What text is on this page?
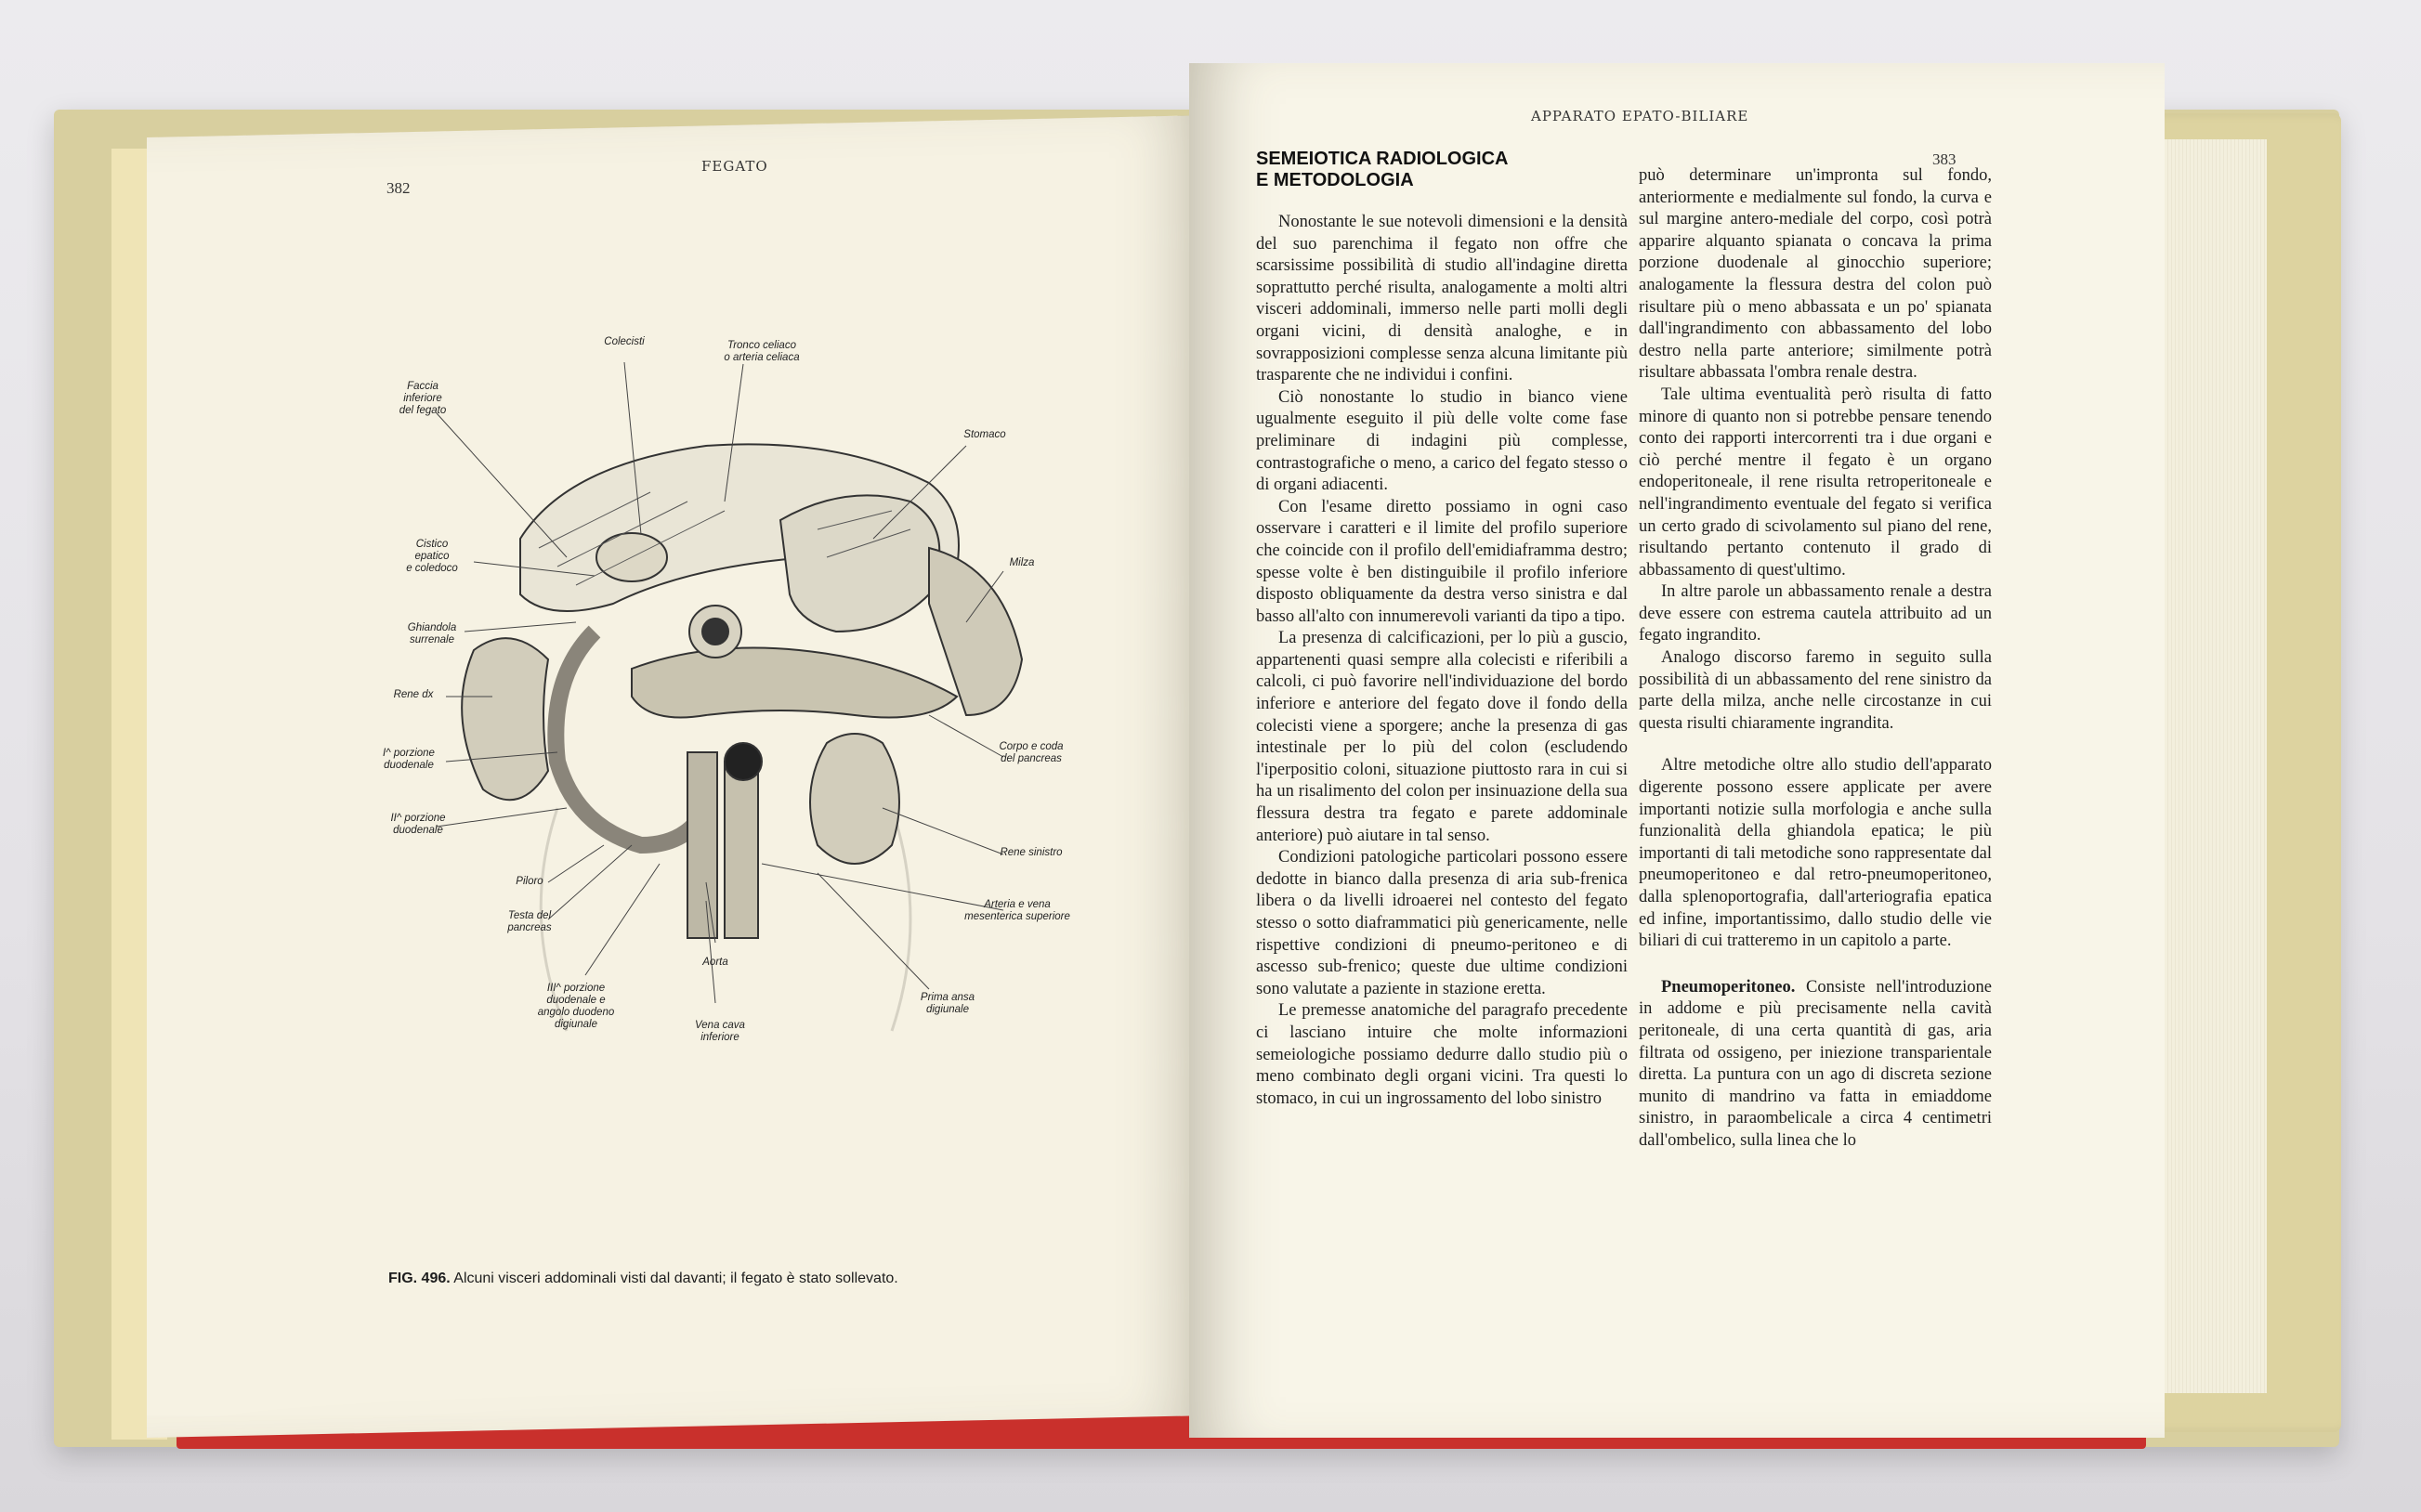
382
FEGATO
Faccia
inferiore
del fegato
Colecisti	Tronco celiaco
o arteria celiaca
Stomaco
Cistico
epatico
e coledoco	Milza
Ghiandola
surrenale
Rene dx
I^ porzione
duodenale
Corpo e coda
del pancreas
II^ porzione
duodenale
Rene sinistro
Piloro
Testa del
pancreas
Arteria e vena
mesenterica superiore
Aorta
III^ porzione
duodenale e
angolo duodeno
digiunale	Vena cava
inferiore
Prima ansa
digiunale
FIG. 496. Alcuni visceri addominali visti dal davanti; il fegato è stato sollevato.
APPARATO EPATO-BILIARE
383
SEMEIOTICA RADIOLOGICA
E METODOLOGIA

Nonostante le sue notevoli dimensioni e la densità del suo parenchima il fegato non offre che scarsissime possibilità di studio all'indagine diretta soprattutto perché risulta, analogamente a molti altri visceri addominali, immerso nelle parti molli degli organi vicini, di densità analoghe, e in sovrapposizioni complesse senza alcuna limitante più trasparente che ne individui i confini.

Ciò nonostante lo studio in bianco viene ugualmente eseguito il più delle volte come fase preliminare di indagini più complesse, contrastografiche o meno, a carico del fegato stesso o di organi adiacenti.

Con l'esame diretto possiamo in ogni caso osservare i caratteri e il limite del profilo superiore che coincide con il profilo dell'emidiaframma destro; spesse volte è ben distinguibile il profilo inferiore disposto obliquamente da destra verso sinistra e dal basso all'alto con innumerevoli varianti da tipo a tipo.

La presenza di calcificazioni, per lo più a guscio, appartenenti quasi sempre alla colecisti e riferibili a calcoli, ci può favorire nell'individuazione del bordo inferiore e anteriore del fegato dove il fondo della colecisti viene a sporgere; anche la presenza di gas intestinale per lo più del colon (escludendo l'iperpositio coloni, situazione piuttosto rara in cui si ha un risalimento del colon per insinuazione della sua flessura destra tra fegato e parete addominale anteriore) può aiutare in tal senso.

Condizioni patologiche particolari possono essere dedotte in bianco dalla presenza di aria sub-frenica libera o da livelli idroaerei nel contesto del fegato stesso o sotto diaframmatici più genericamente, nelle rispettive condizioni di pneumo-peritoneo e di ascesso sub-frenico; queste due ultime condizioni sono valutate a paziente in stazione eretta.

Le premesse anatomiche del paragrafo precedente ci lasciano intuire che molte informazioni semeiologiche possiamo dedurre dallo studio più o meno combinato degli organi vicini. Tra questi lo stomaco, in cui un ingrossamento del lobo sinistro

può determinare un'impronta sul fondo, anteriormente e medialmente sul fondo, la curva e sul margine antero-mediale del corpo, così potrà apparire alquanto spianata o concava la prima porzione duodenale al ginocchio superiore; analogamente la flessura destra del colon può risultare più o meno abbassata e un po' spianata dall'ingrandimento con abbassamento del lobo destro nella parte anteriore; similmente potrà risultare abbassata l'ombra renale destra.

Tale ultima eventualità però risulta di fatto minore di quanto non si potrebbe pensare tenendo conto dei rapporti intercorrenti tra i due organi e ciò perché mentre il fegato è un organo endoperitoneale, il rene risulta retroperitoneale e nell'ingrandimento eventuale del fegato si verifica un certo grado di scivolamento sul piano del rene, risultando pertanto contenuto il grado di abbassamento di quest'ultimo.

In altre parole un abbassamento renale a destra deve essere con estrema cautela attribuito ad un fegato ingrandito.

Analogo discorso faremo in seguito sulla possibilità di un abbassamento del rene sinistro da parte della milza, anche nelle circostanze in cui questa risulti chiaramente ingrandita.

Altre metodiche oltre allo studio dell'apparato digerente possono essere applicate per avere importanti notizie sulla morfologia e anche sulla funzionalità della ghiandola epatica; le più importanti di tali metodiche sono rappresentate dal pneumoperitoneo e dal retro-pneumoperitoneo, dalla splenoportografia, dall'arteriografia epatica ed infine, importantissimo, dallo studio delle vie biliari di cui tratteremo in un capitolo a parte.

Pneumoperitoneo. Consiste nell'introduzione in addome e più precisamente nella cavità peritoneale, di una certa quantità di gas, aria filtrata od ossigeno, per iniezione transparientale diretta. La puntura con un ago di discreta sezione munito di mandrino va fatta in emiaddome sinistro, in paraombelicale a circa 4 centimetri dall'ombelico, sulla linea che lo
